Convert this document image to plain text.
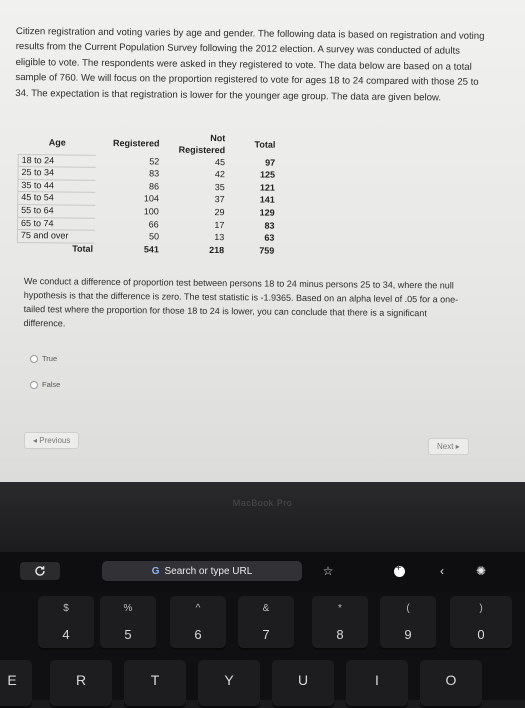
Citizen registration and voting varies by age and gender. The following data is based on registration and voting results from the Current Population Survey following the 2012 election. A survey was conducted of adults eligible to vote. The respondents were asked in they registered to vote. The data below are based on a total sample of 760. We will focus on the proportion registered to vote for ages 18 to 24 compared with those 25 to 34. The expectation is that registration is lower for the younger age group. The data are given below.
Age	Registered	Not Registered	Total
18 to 24	52	45	97
25 to 34	83	42	125
35 to 44	86	35	121
45 to 54	104	37	141
55 to 64	100	29	129
65 to 74	66	17	83
75 and over	50	13	63
Total	541	218	759
We conduct a difference of proportion test between persons 18 to 24 minus persons 25 to 34, where the null hypothesis is that the difference is zero. The test statistic is -1.9365. Based on an alpha level of .05 for a one-tailed test where the proportion for those 18 to 24 is lower, you can conclude that there is a significant difference.
True
False
◂ Previous
Next ▸
MacBook Pro
G Search or type URL	☆ +	‹	✺
$
4
%
5
^
6
&
7
*
8
(
9
)
0
E	R	T	Y	U	I	O
